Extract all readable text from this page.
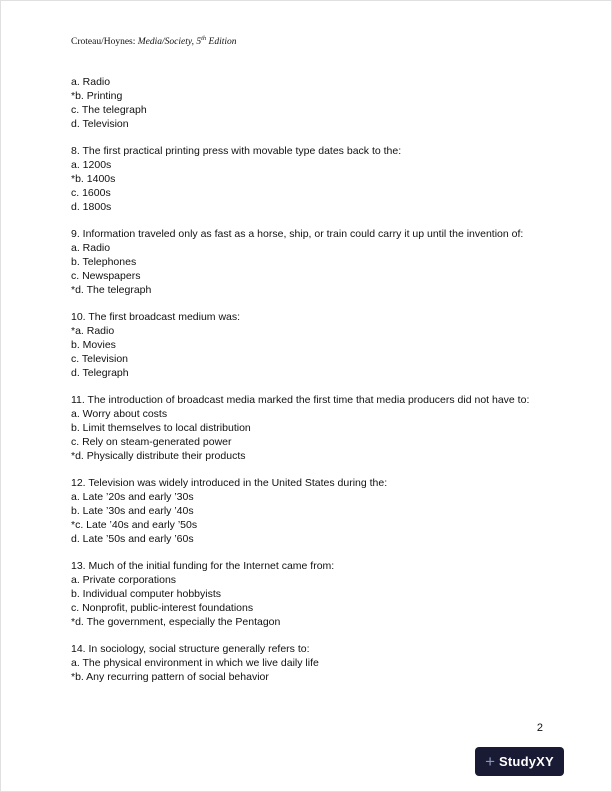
Croteau/Hoynes: Media/Society, 5th Edition
a. Radio
*b. Printing
c. The telegraph
d. Television
8. The first practical printing press with movable type dates back to the:
a. 1200s
*b. 1400s
c. 1600s
d. 1800s
9. Information traveled only as fast as a horse, ship, or train could carry it up until the invention of:
a. Radio
b. Telephones
c. Newspapers
*d. The telegraph
10. The first broadcast medium was:
*a. Radio
b. Movies
c. Television
d. Telegraph
11. The introduction of broadcast media marked the first time that media producers did not have to:
a. Worry about costs
b. Limit themselves to local distribution
c. Rely on steam-generated power
*d. Physically distribute their products
12. Television was widely introduced in the United States during the:
a. Late ’20s and early ’30s
b. Late ’30s and early ’40s
*c. Late ’40s and early ’50s
d. Late ’50s and early ’60s
13. Much of the initial funding for the Internet came from:
a. Private corporations
b. Individual computer hobbyists
c. Nonprofit, public-interest foundations
*d. The government, especially the Pentagon
14. In sociology, social structure generally refers to:
a. The physical environment in which we live daily life
*b. Any recurring pattern of social behavior
2
+ StudyXY
